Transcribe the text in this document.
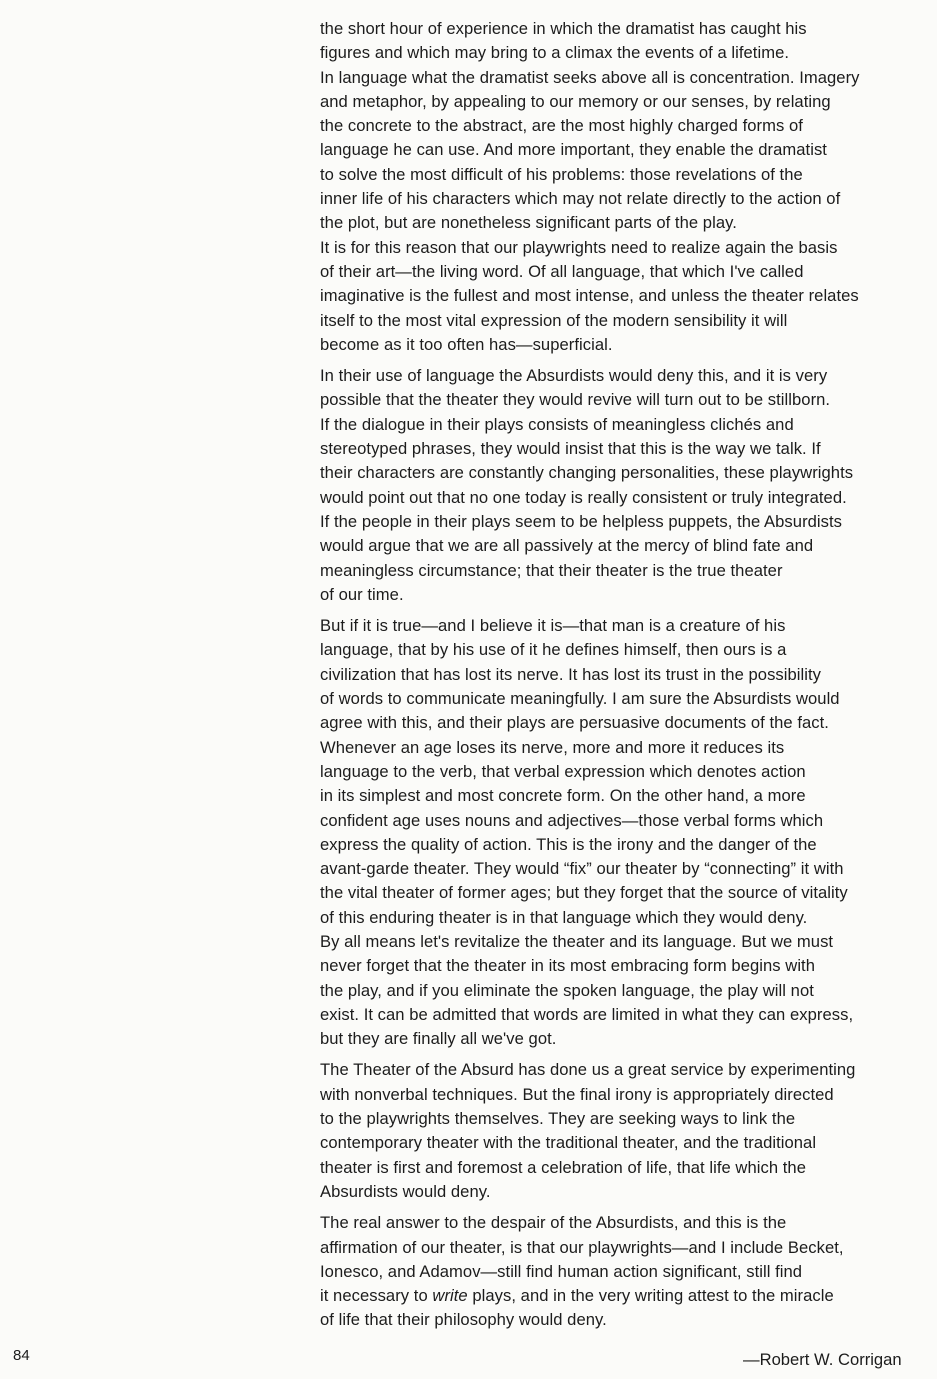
the short hour of experience in which the dramatist has caught his
figures and which may bring to a climax the events of a lifetime.
In language what the dramatist seeks above all is concentration. Imagery
and metaphor, by appealing to our memory or our senses, by relating
the concrete to the abstract, are the most highly charged forms of
language he can use. And more important, they enable the dramatist
to solve the most difficult of his problems: those revelations of the
inner life of his characters which may not relate directly to the action of
the plot, but are nonetheless significant parts of the play.
It is for this reason that our playwrights need to realize again the basis
of their art—the living word. Of all language, that which I've called
imaginative is the fullest and most intense, and unless the theater relates
itself to the most vital expression of the modern sensibility it will
become as it too often has—superficial.
In their use of language the Absurdists would deny this, and it is very
possible that the theater they would revive will turn out to be stillborn.
If the dialogue in their plays consists of meaningless clichés and
stereotyped phrases, they would insist that this is the way we talk. If
their characters are constantly changing personalities, these playwrights
would point out that no one today is really consistent or truly integrated.
If the people in their plays seem to be helpless puppets, the Absurdists
would argue that we are all passively at the mercy of blind fate and
meaningless circumstance; that their theater is the true theater
of our time.
But if it is true—and I believe it is—that man is a creature of his
language, that by his use of it he defines himself, then ours is a
civilization that has lost its nerve. It has lost its trust in the possibility
of words to communicate meaningfully. I am sure the Absurdists would
agree with this, and their plays are persuasive documents of the fact.
Whenever an age loses its nerve, more and more it reduces its
language to the verb, that verbal expression which denotes action
in its simplest and most concrete form. On the other hand, a more
confident age uses nouns and adjectives—those verbal forms which
express the quality of action. This is the irony and the danger of the
avant-garde theater. They would “fix” our theater by “connecting” it with
the vital theater of former ages; but they forget that the source of vitality
of this enduring theater is in that language which they would deny.
By all means let's revitalize the theater and its language. But we must
never forget that the theater in its most embracing form begins with
the play, and if you eliminate the spoken language, the play will not
exist. It can be admitted that words are limited in what they can express,
but they are finally all we've got.
The Theater of the Absurd has done us a great service by experimenting
with nonverbal techniques. But the final irony is appropriately directed
to the playwrights themselves. They are seeking ways to link the
contemporary theater with the traditional theater, and the traditional
theater is first and foremost a celebration of life, that life which the
Absurdists would deny.
The real answer to the despair of the Absurdists, and this is the
affirmation of our theater, is that our playwrights—and I include Becket,
Ionesco, and Adamov—still find human action significant, still find
it necessary to write plays, and in the very writing attest to the miracle
of life that their philosophy would deny.
84	—Robert W. Corrigan
